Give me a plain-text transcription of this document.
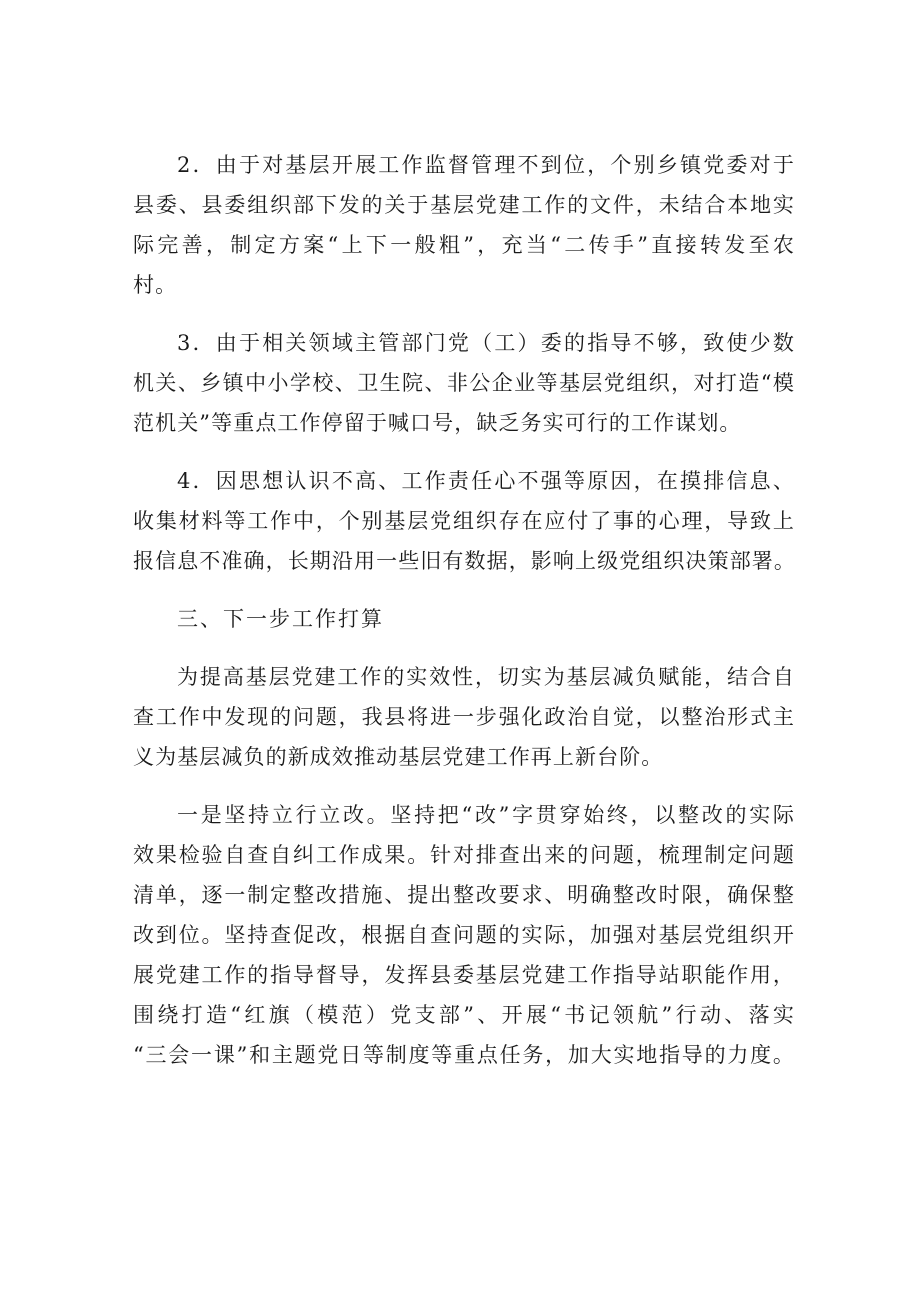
2．由于对基层开展工作监督管理不到位，个别乡镇党委对于
县委、县委组织部下发的关于基层党建工作的文件，未结合本地实
际完善，制定方案“上下一般粗”，充当“二传手”直接转发至农
村。
3．由于相关领域主管部门党（工）委的指导不够，致使少数
机关、乡镇中小学校、卫生院、非公企业等基层党组织，对打造“模
范机关”等重点工作停留于喊口号，缺乏务实可行的工作谋划。
4．因思想认识不高、工作责任心不强等原因，在摸排信息、
收集材料等工作中，个别基层党组织存在应付了事的心理，导致上
报信息不准确，长期沿用一些旧有数据，影响上级党组织决策部署。
三、下一步工作打算
为提高基层党建工作的实效性，切实为基层减负赋能，结合自
查工作中发现的问题，我县将进一步强化政治自觉，以整治形式主
义为基层减负的新成效推动基层党建工作再上新台阶。
一是坚持立行立改。坚持把“改”字贯穿始终，以整改的实际
效果检验自查自纠工作成果。针对排查出来的问题，梳理制定问题
清单，逐一制定整改措施、提出整改要求、明确整改时限，确保整
改到位。坚持查促改，根据自查问题的实际，加强对基层党组织开
展党建工作的指导督导，发挥县委基层党建工作指导站职能作用，
围绕打造“红旗（模范）党支部”、开展“书记领航”行动、落实
“三会一课”和主题党日等制度等重点任务，加大实地指导的力度。
